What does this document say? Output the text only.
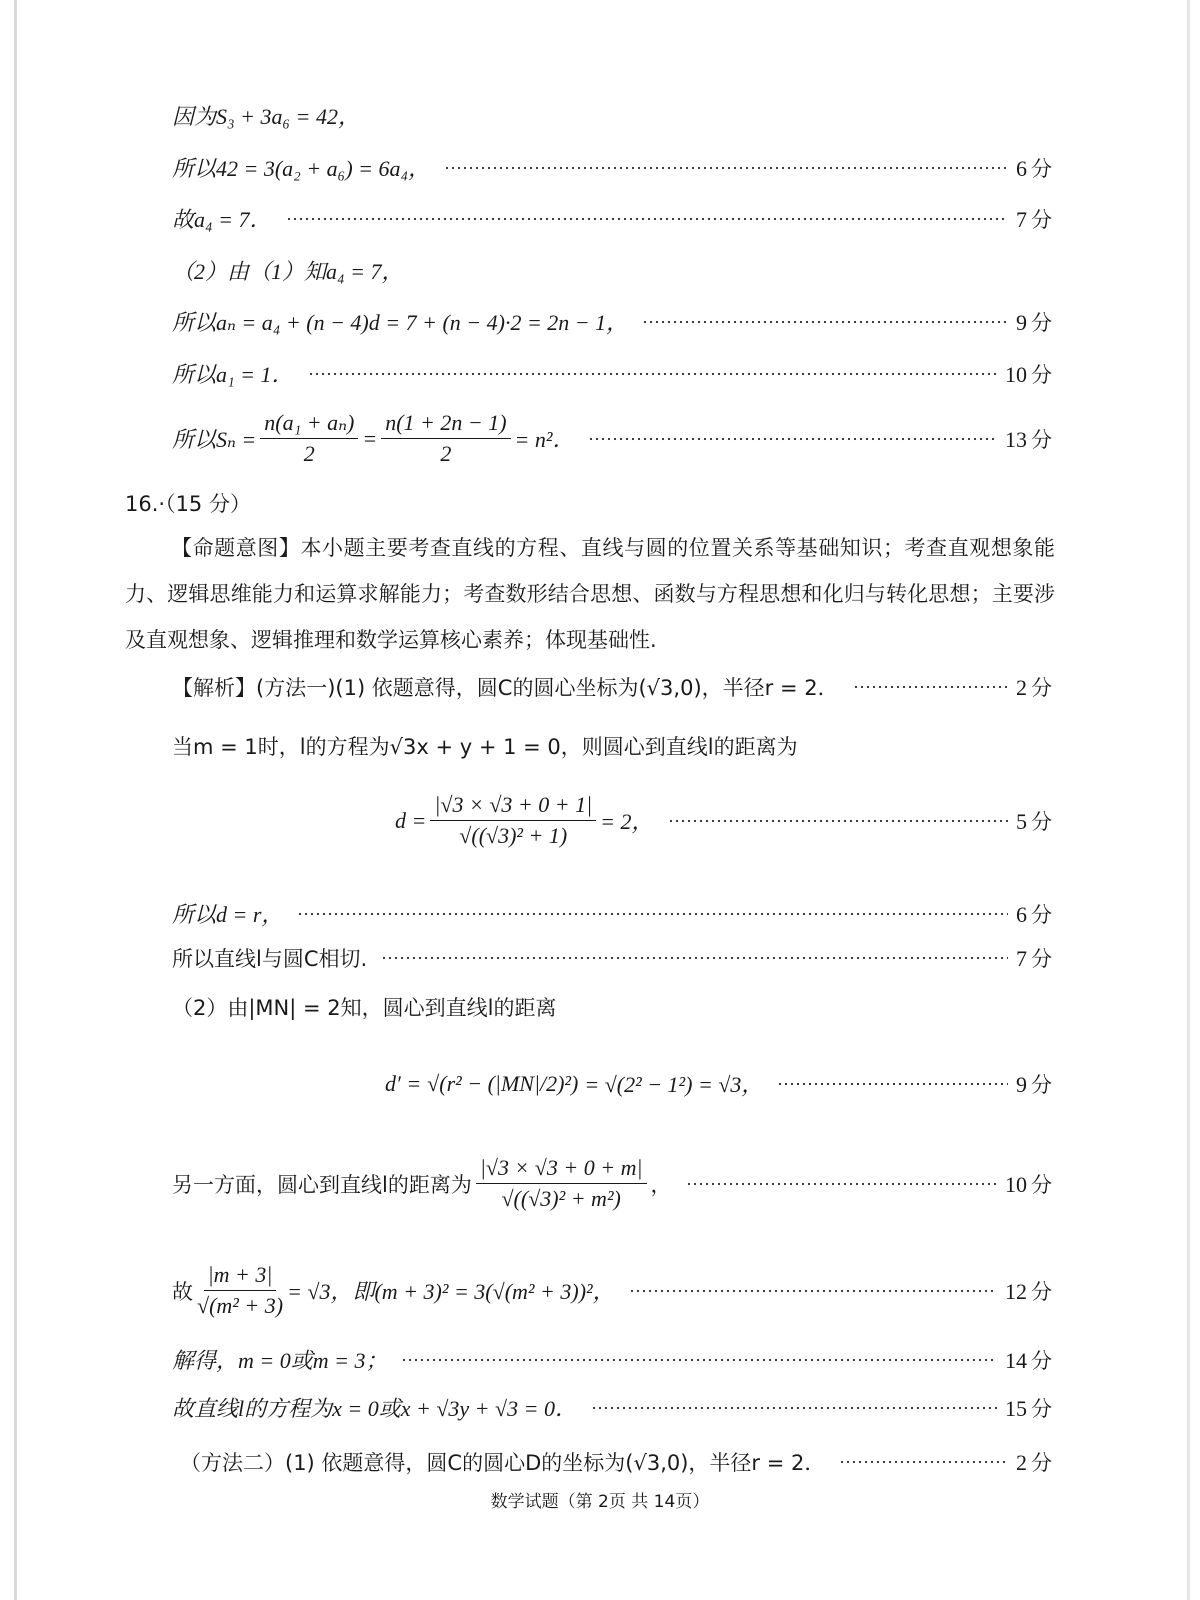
因为S₃ + 3a₆ = 42，
所以42 = 3(a₂ + a₆) = 6a₄，	6 分
故a₄ = 7．	7 分
（2）由（1）知a₄ = 7，
所以aₙ = a₄ + (n − 4)d = 7 + (n − 4)·2 = 2n − 1，	9 分
所以a₁ = 1．	10 分
所以$S_n = \frac{\text{n(a₁ + aₙ)}}{2} = \frac{n(1 + 2n - 1)}{2} = n^2$．	13 分
16.·（15 分）
【命题意图】本小题主要考查直线的方程、直线与圆的位置关系等基础知识；考查直观想象能力、逻辑思维能力和运算求解能力；考查数形结合思想、函数与方程思想和化归与转化思想；主要涉及直观想象、逻辑推理和数学运算核心素养；体现基础性.
【解析】(方法一)(1) 依题意得，圆C的圆心坐标为(√3,0)，半径r = 2．	2 分
当m = 1时，l的方程为√3x + y + 1 = 0，则圆心到直线l的距离为
$d = \frac{|√3 \times √3 + 0 + 1|}{\text{√((√3)² + 1)}} = 2$，	5 分
所以d = r，	6 分
所以直线l与圆C相切.	7 分
（2）由|MN| = 2知，圆心到直线l的距离
d′ = √(r² − (|MN|/2)²) = √(2² − 1²) = √3，	9 分
另一方面，圆心到直线l的距离为 $\frac{|√3 \times √3 + 0 + m|}{\text{√((√3)² + m²)}}$ ，	10 分
故 $\frac{|m + 3|}{\text{√(m² + 3)}} = √3$，即(m + 3)² = 3(√(m² + 3))²，	12 分
解得，m = 0或m = 3；	14 分
故直线l的方程为x = 0或x + √3y + √3 = 0．	15 分
（方法二）(1) 依题意得，圆C的圆心D的坐标为(√3,0)，半径r = 2．	2 分
数学试题（第 2页 共 14页）
